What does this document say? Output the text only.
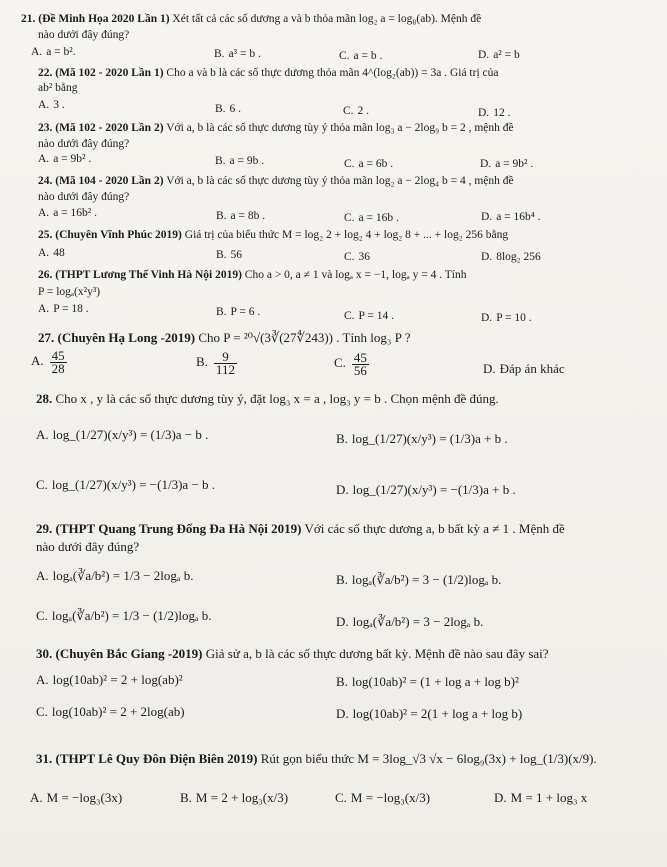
21. (Đề Minh Họa 2020 Lần 1) Xét tất cả các số dương a và b thỏa mãn log₂ a = log₈(ab). Mệnh đề
nào dưới đây đúng?
A. a = b².	B. a³ = b .	C. a = b .	D. a² = b
22. (Mã 102 - 2020 Lần 1) Cho a và b là các số thực dương thỏa mãn 4^(log₂(ab)) = 3a . Giá trị của
ab² bằng
A. 3 .	B. 6 .	C. 2 .	D. 12 .
23. (Mã 102 - 2020 Lần 2) Với a, b là các số thực dương tùy ý thỏa mãn log₃ a − 2log₉ b = 2 , mệnh đề
nào dưới đây đúng?
A. a = 9b² .	B. a = 9b .	C. a = 6b .	D. a = 9b² .
24. (Mã 104 - 2020 Lần 2) Với a, b là các số thực dương tùy ý thỏa mãn log₂ a − 2log₄ b = 4 , mệnh đề
nào dưới đây đúng?
A. a = 16b² .	B. a = 8b .	C. a = 16b .	D. a = 16b⁴ .
25. (Chuyên Vĩnh Phúc 2019) Giá trị của biểu thức M = log₂ 2 + log₂ 4 + log₂ 8 + ... + log₂ 256 bằng
A. 48	B. 56	C. 36	D. 8log₂ 256
26. (THPT Lương Thế Vinh Hà Nội 2019) Cho a > 0, a ≠ 1 và logₐ x = −1, logₐ y = 4 . Tính
P = logₐ(x²y³)
A. P = 18 .	B. P = 6 .	C. P = 14 .	D. P = 10 .
27. (Chuyên Hạ Long -2019) Cho P = ²⁰√(3∛(27∜243)) . Tính log₃ P ?
A. $\frac{45}{28}$	B. $\frac{9}{112}$	C. $\frac{45}{56}$	D. Đáp án khác
28. Cho x , y là các số thực dương tùy ý, đặt log₃ x = a , log₃ y = b . Chọn mệnh đề đúng.
A. log_(1/27)(x/y³) = (1/3)a − b .	B. log_(1/27)(x/y³) = (1/3)a + b .
C. log_(1/27)(x/y³) = −(1/3)a − b .	D. log_(1/27)(x/y³) = −(1/3)a + b .
29. (THPT Quang Trung Đống Đa Hà Nội 2019) Với các số thực dương a, b bất kỳ a ≠ 1 . Mệnh đề
nào dưới đây đúng?
A. logₐ(∛a/b²) = 1/3 − 2logₐ b.	B. logₐ(∛a/b²) = 3 − (1/2)logₐ b.
C. logₐ(∛a/b²) = 1/3 − (1/2)logₐ b.	D. logₐ(∛a/b²) = 3 − 2logₐ b.
30. (Chuyên Bắc Giang -2019) Giả sử a, b là các số thực dương bất kỳ. Mệnh đề nào sau đây sai?
A. log(10ab)² = 2 + log(ab)²	B. log(10ab)² = (1 + log a + log b)²
C. log(10ab)² = 2 + 2log(ab)	D. log(10ab)² = 2(1 + log a + log b)
31. (THPT Lê Quy Đôn Điện Biên 2019) Rút gọn biểu thức M = 3log_√3 √x − 6log₉(3x) + log_(1/3)(x/9).
A. M = −log₃(3x)	B. M = 2 + log₃(x/3)	C. M = −log₃(x/3)	D. M = 1 + log₃ x
